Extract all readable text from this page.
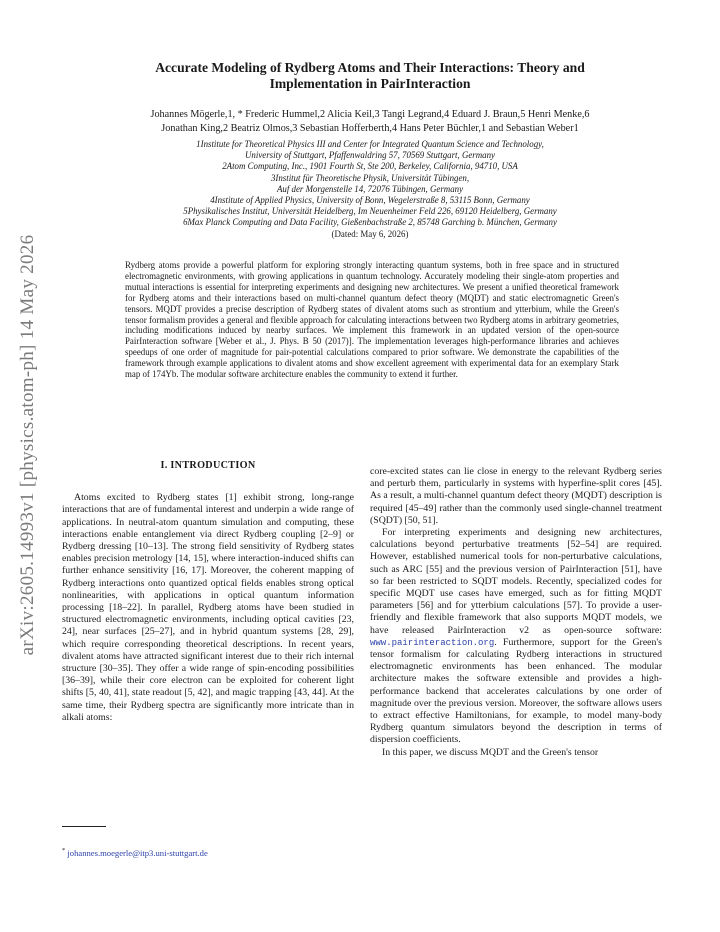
arXiv:2605.14993v1 [physics.atom-ph] 14 May 2026
Accurate Modeling of Rydberg Atoms and Their Interactions: Theory and
Implementation in PairInteraction
Johannes Mögerle,1, * Frederic Hummel,2 Alicia Keil,3 Tangi Legrand,4 Eduard J. Braun,5 Henri Menke,6
Jonathan King,2 Beatriz Olmos,3 Sebastian Hofferberth,4 Hans Peter Büchler,1 and Sebastian Weber1
1Institute for Theoretical Physics III and Center for Integrated Quantum Science and Technology,
University of Stuttgart, Pfaffenwaldring 57, 70569 Stuttgart, Germany
2Atom Computing, Inc., 1901 Fourth St, Ste 200, Berkeley, California, 94710, USA
3Institut für Theoretische Physik, Universität Tübingen,
Auf der Morgenstelle 14, 72076 Tübingen, Germany
4Institute of Applied Physics, University of Bonn, Wegelerstraße 8, 53115 Bonn, Germany
5Physikalisches Institut, Universität Heidelberg, Im Neuenheimer Feld 226, 69120 Heidelberg, Germany
6Max Planck Computing and Data Facility, Gießenbachstraße 2, 85748 Garching b. München, Germany
(Dated: May 6, 2026)

Rydberg atoms provide a powerful platform for exploring strongly interacting quantum systems, both in free space and in structured electromagnetic environments, with growing applications in quantum technology. Accurately modeling their single-atom properties and mutual interactions is essential for interpreting experiments and designing new architectures. We present a unified theoretical framework for Rydberg atoms and their interactions based on multi-channel quantum defect theory (MQDT) and static electromagnetic Green's tensors. MQDT provides a precise description of Rydberg states of divalent atoms such as strontium and ytterbium, while the Green's tensor formalism provides a general and flexible approach for calculating interactions between two Rydberg atoms in arbitrary geometries, including modifications induced by nearby surfaces. We implement this framework in an updated version of the open-source PairInteraction software [Weber et al., J. Phys. B 50 (2017)]. The implementation leverages high-performance libraries and achieves speedups of one order of magnitude for pair-potential calculations compared to prior software. We demonstrate the capabilities of the framework through example applications to divalent atoms and show excellent agreement with experimental data for an exemplary Stark map of 174Yb. The modular software architecture enables the community to extend it further.

I. INTRODUCTION

Atoms excited to Rydberg states [1] exhibit strong, long-range interactions that are of fundamental interest and underpin a wide range of applications. In neutral-atom quantum simulation and computing, these interactions enable entanglement via direct Rydberg coupling [2–9] or Rydberg dressing [10–13]. The strong field sensitivity of Rydberg states enables precision metrology [14, 15], where interaction-induced shifts can further enhance sensitivity [16, 17]. Moreover, the coherent mapping of Rydberg interactions onto quantized optical fields enables strong optical nonlinearities, with applications in optical quantum information processing [18–22]. In parallel, Rydberg atoms have been studied in structured electromagnetic environments, including optical cavities [23, 24], near surfaces [25–27], and in hybrid quantum systems [28, 29], which require corresponding theoretical descriptions. In recent years, divalent atoms have attracted significant interest due to their rich internal structure [30–35]. They offer a wide range of spin-encoding possibilities [36–39], while their core electron can be exploited for coherent light shifts [5, 40, 41], state readout [5, 42], and magic trapping [43, 44]. At the same time, their Rydberg spectra are significantly more intricate than in alkali atoms:

core-excited states can lie close in energy to the relevant Rydberg series and perturb them, particularly in systems with hyperfine-split cores [45]. As a result, a multi-channel quantum defect theory (MQDT) description is required [45–49] rather than the commonly used single-channel treatment (SQDT) [50, 51].

For interpreting experiments and designing new architectures, calculations beyond perturbative treatments [52–54] are required. However, established numerical tools for non-perturbative calculations, such as ARC [55] and the previous version of PairInteraction [51], have so far been restricted to SQDT models. Recently, specialized codes for specific MQDT use cases have emerged, such as for fitting MQDT parameters [56] and for ytterbium calculations [57]. To provide a user-friendly and flexible framework that also supports MQDT models, we have released PairInteraction v2 as open-source software: www.pairinteraction.org. Furthermore, support for the Green's tensor formalism for calculating Rydberg interactions in structured electromagnetic environments has been enhanced. The modular architecture makes the software extensible and provides a high-performance backend that accelerates calculations by one order of magnitude over the previous version. Moreover, the software allows users to extract effective Hamiltonians, for example, to model many-body Rydberg quantum simulators beyond the description in terms of dispersion coefficients.

In this paper, we discuss MQDT and the Green's tensor

* johannes.moegerle@itp3.uni-stuttgart.de
